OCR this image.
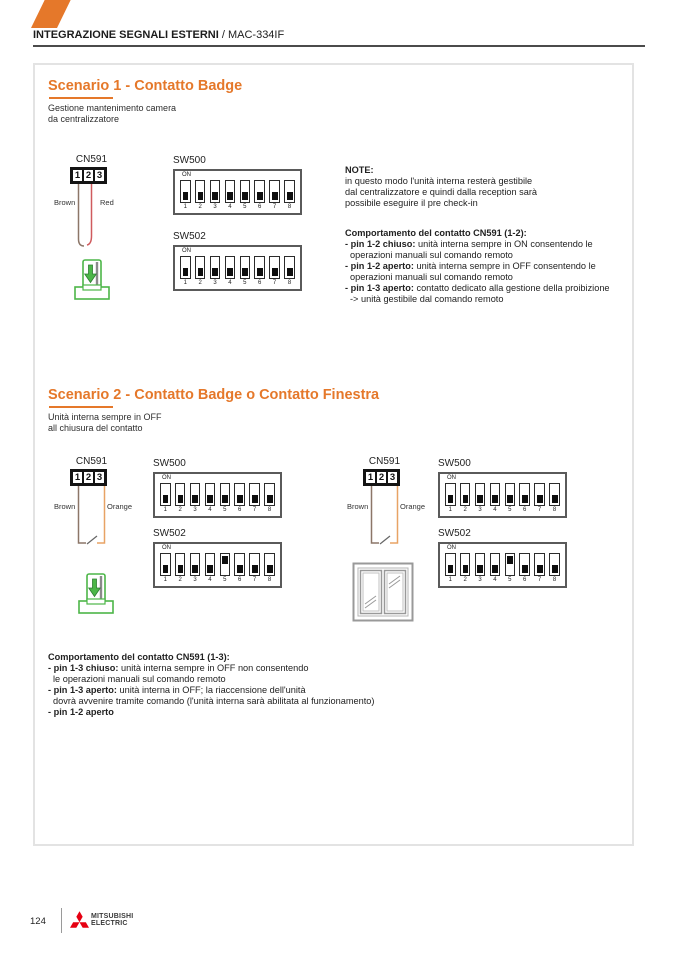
INTEGRAZIONE SEGNALI ESTERNI / MAC-334IF
Scenario 1 - Contatto Badge
Gestione mantenimento camera
da centralizzatore
CN591
1 2 3
Brown	Red
SW500
ON
1 2 3 4 5 6 7 8
SW502
ON
1 2 3 4 5 6 7 8
NOTE:
in questo modo l'unità interna resterà gestibile
dal centralizzatore e quindi dalla reception sarà
possibile eseguire il pre check-in
Comportamento del contatto CN591 (1-2):
- pin 1-2 chiuso: unità interna sempre in ON consentendo le
operazioni manuali sul comando remoto
- pin 1-2 aperto: unità interna sempre in OFF consentendo le
operazioni manuali sul comando remoto
- pin 1-3 aperto: contatto dedicato alla gestione della proibizione
-> unità gestibile dal comando remoto
Scenario 2 - Contatto Badge o Contatto Finestra
Unità interna sempre in OFF
all chiusura del contatto
CN591
1 2 3
Brown	Orange
SW500
ON
1 2 3 4 5 6 7 8
SW502
ON
1 2 3 4 5 6 7 8
CN591
1 2 3
Brown	Orange
SW500
ON
1 2 3 4 5 6 7 8
SW502
ON
1 2 3 4 5 6 7 8
Comportamento del contatto CN591 (1-3):
- pin 1-3 chiuso: unità interna sempre in OFF non consentendo
le operazioni manuali sul comando remoto
- pin 1-3 aperto: unità interna in OFF; la riaccensione dell'unità
dovrà avvenire tramite comando (l'unità interna sarà abilitata al funzionamento)
- pin 1-2 aperto
124	MITSUBISHI
ELECTRIC
